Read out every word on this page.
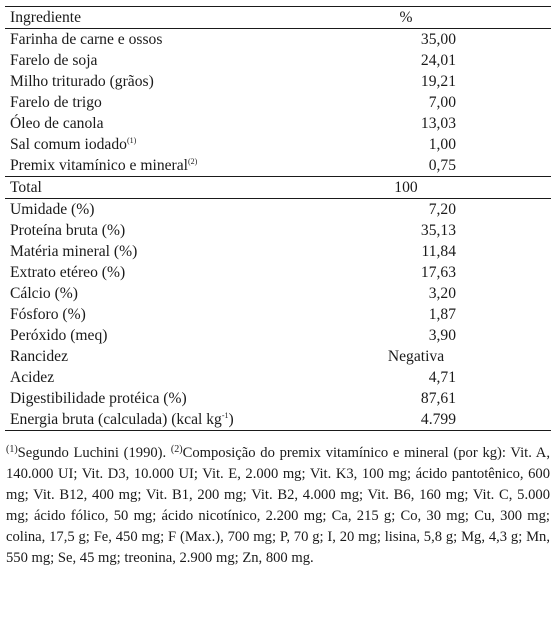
Ingrediente	%
Farinha de carne e ossos	35,00
Farelo de soja	24,01
Milho triturado (grãos)	19,21
Farelo de trigo	7,00
Óleo de canola	13,03
Sal comum iodado$^{(1)}$	1,00
Premix vitamínico e mineral$^{(2)}$	0,75
Total	100
Umidade (%)	7,20
Proteína bruta (%)	35,13
Matéria mineral (%)	11,84
Extrato etéreo (%)	17,63
Cálcio (%)	3,20
Fósforo (%)	1,87
Peróxido (meq)	3,90
Rancidez	Negativa
Acidez	4,71
Digestibilidade protéica (%)	87,61
Energia bruta (calculada) (kcal $kg^{-1}$)	4.799
$^{(1)}$Segundo Luchini (1990). $^{(2)}$Composição do premix vitamínico e mineral (por kg): Vit. A, 140.000 UI; Vit. D3, 10.000 UI; Vit. E, 2.000 mg; Vit. K3, 100 mg; ácido pantotênico, 600 mg; Vit. B12, 400 mg; Vit. B1, 200 mg; Vit. B2, 4.000 mg; Vit. B6, 160 mg; Vit. C, 5.000 mg; ácido fólico, 50 mg; ácido nicotínico, 2.200 mg; Ca, 215 g; Co, 30 mg; Cu, 300 mg; colina, 17,5 g; Fe, 450 mg; F (Max.), 700 mg; P, 70 g; I, 20 mg; lisina, 5,8 g; Mg, 4,3 g; Mn, 550 mg; Se, 45 mg; treonina, 2.900 mg; Zn, 800 mg.
